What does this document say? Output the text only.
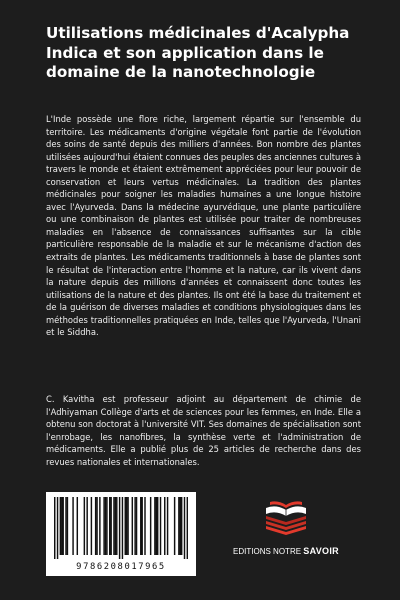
Utilisations médicinales d'Acalypha Indica et son application dans le domaine de la nanotechnologie

L'Inde possède une flore riche, largement répartie sur l'ensemble du territoire. Les médicaments d'origine végétale font partie de l'évolution des soins de santé depuis des milliers d'années. Bon nombre des plantes utilisées aujourd'hui étaient connues des peuples des anciennes cultures à travers le monde et étaient extrêmement appréciées pour leur pouvoir de conservation et leurs vertus médicinales. La tradition des plantes médicinales pour soigner les maladies humaines a une longue histoire avec l'Ayurveda. Dans la médecine ayurvédique, une plante particulière ou une combinaison de plantes est utilisée pour traiter de nombreuses maladies en l'absence de connaissances suffisantes sur la cible particulière responsable de la maladie et sur le mécanisme d'action des extraits de plantes. Les médicaments traditionnels à base de plantes sont le résultat de l'interaction entre l'homme et la nature, car ils vivent dans la nature depuis des millions d'années et connaissent donc toutes les utilisations de la nature et des plantes. Ils ont été la base du traitement et de la guérison de diverses maladies et conditions physiologiques dans les méthodes traditionnelles pratiquées en Inde, telles que l'Ayurveda, l'Unani et le Siddha.

C. Kavitha est professeur adjoint au département de chimie de l'Adhiyaman Collège d'arts et de sciences pour les femmes, en Inde. Elle a obtenu son doctorat à l'université VIT. Ses domaines de spécialisation sont l'enrobage, les nanofibres, la synthèse verte et l'administration de médicaments. Elle a publié plus de 25 articles de recherche dans des revues nationales et internationales.

9786208017965
EDITIONS NOTRE SAVOIR
